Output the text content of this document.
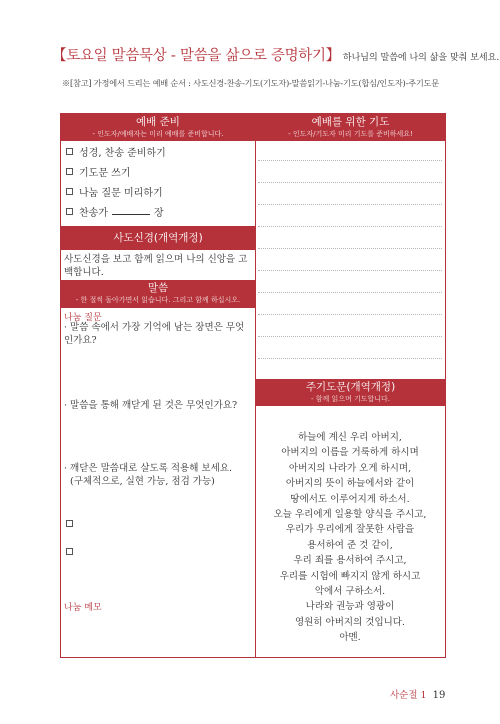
【토요일 말씀묵상 - 말씀을 삶으로 증명하기】 하나님의 말씀에 나의 삶을 맞춰 보세요.
※[참고] 가정에서 드리는 예배 순서 : 사도신경-찬송-기도(기도자)-말씀읽기-나눔-기도(합심/인도자)-주기도문
예배 준비
- 인도자/예배자는 미리 예배를 준비합니다.
성경, 찬송 준비하기
기도문 쓰기
나눔 질문 미리하기
찬송가	장
사도신경(개역개정)
사도신경을 보고 함께 읽으며 나의 신앙을 고백합니다.
말씀
- 한 절씩 돌아가면서 읽습니다. 그리고 함께 하십시오.
나눔 질문
· 말씀 속에서 가장 기억에 남는 장면은 무엇인가요?
· 말씀을 통해 깨닫게 된 것은 무엇인가요?
· 깨닫은 말씀대로 살도록 적용해 보세요.
(구체적으로, 실현 가능, 점검 가능)
나눔 메모
예배를 위한 기도
- 인도자/기도자 미리 기도를 준비하세요!
주기도문(개역개정)
- 함께 읽으며 기도합니다.
하늘에 계신 우리 아버지,
아버지의 이름을 거룩하게 하시며
아버지의 나라가 오게 하시며,
아버지의 뜻이 하늘에서와 같이
땅에서도 이루어지게 하소서.
오늘 우리에게 일용할 양식을 주시고,
우리가 우리에게 잘못한 사람을
용서하여 준 것 같이,
우리 죄를 용서하여 주시고,
우리를 시험에 빠지지 않게 하시고
악에서 구하소서.
나라와 권능과 영광이
영원히 아버지의 것입니다.
아멘.
사순절 1 19
